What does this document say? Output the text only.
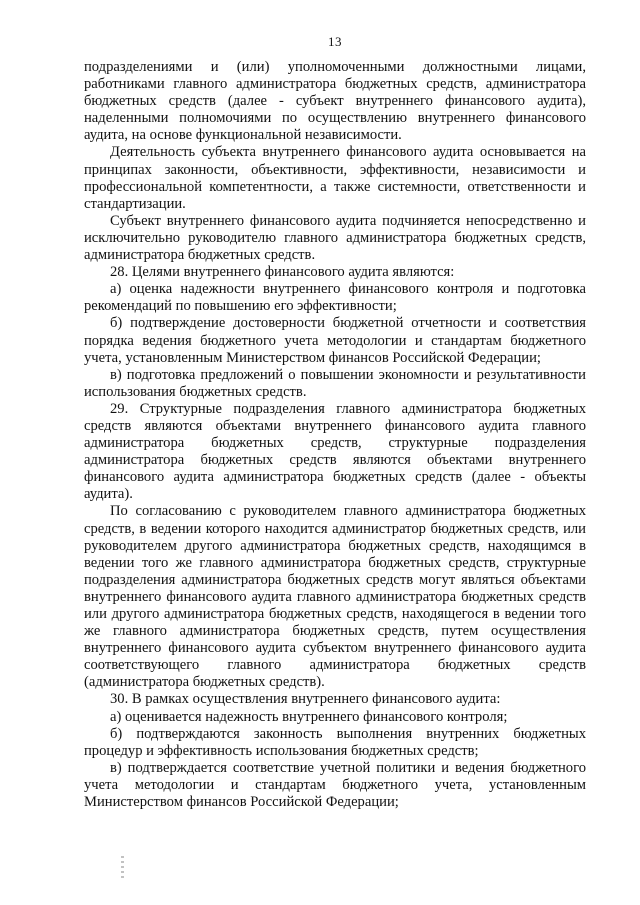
13

подразделениями и (или) уполномоченными должностными лицами, работниками главного администратора бюджетных средств, администратора бюджетных средств (далее - субъект внутреннего финансового аудита), наделенными полномочиями по осуществлению внутреннего финансового аудита, на основе функциональной независимости.

Деятельность субъекта внутреннего финансового аудита основывается на принципах законности, объективности, эффективности, независимости и профессиональной компетентности, а также системности, ответственности и стандартизации.

Субъект внутреннего финансового аудита подчиняется непосредственно и исключительно руководителю главного администратора бюджетных средств, администратора бюджетных средств.

28. Целями внутреннего финансового аудита являются:

а) оценка надежности внутреннего финансового контроля и подготовка рекомендаций по повышению его эффективности;

б) подтверждение достоверности бюджетной отчетности и соответствия порядка ведения бюджетного учета методологии и стандартам бюджетного учета, установленным Министерством финансов Российской Федерации;

в) подготовка предложений о повышении экономности и результативности использования бюджетных средств.

29. Структурные подразделения главного администратора бюджетных средств являются объектами внутреннего финансового аудита главного администратора бюджетных средств, структурные подразделения администратора бюджетных средств являются объектами внутреннего финансового аудита администратора бюджетных средств (далее - объекты аудита).

По согласованию с руководителем главного администратора бюджетных средств, в ведении которого находится администратор бюджетных средств, или руководителем другого администратора бюджетных средств, находящимся в ведении того же главного администратора бюджетных средств, структурные подразделения администратора бюджетных средств могут являться объектами внутреннего финансового аудита главного администратора бюджетных средств или другого администратора бюджетных средств, находящегося в ведении того же главного администратора бюджетных средств, путем осуществления внутреннего финансового аудита субъектом внутреннего финансового аудита соответствующего главного администратора бюджетных средств (администратора бюджетных средств).

30. В рамках осуществления внутреннего финансового аудита:

а) оценивается надежность внутреннего финансового контроля;

б) подтверждаются законность выполнения внутренних бюджетных процедур и эффективность использования бюджетных средств;

в) подтверждается соответствие учетной политики и ведения бюджетного учета методологии и стандартам бюджетного учета, установленным Министерством финансов Российской Федерации;
